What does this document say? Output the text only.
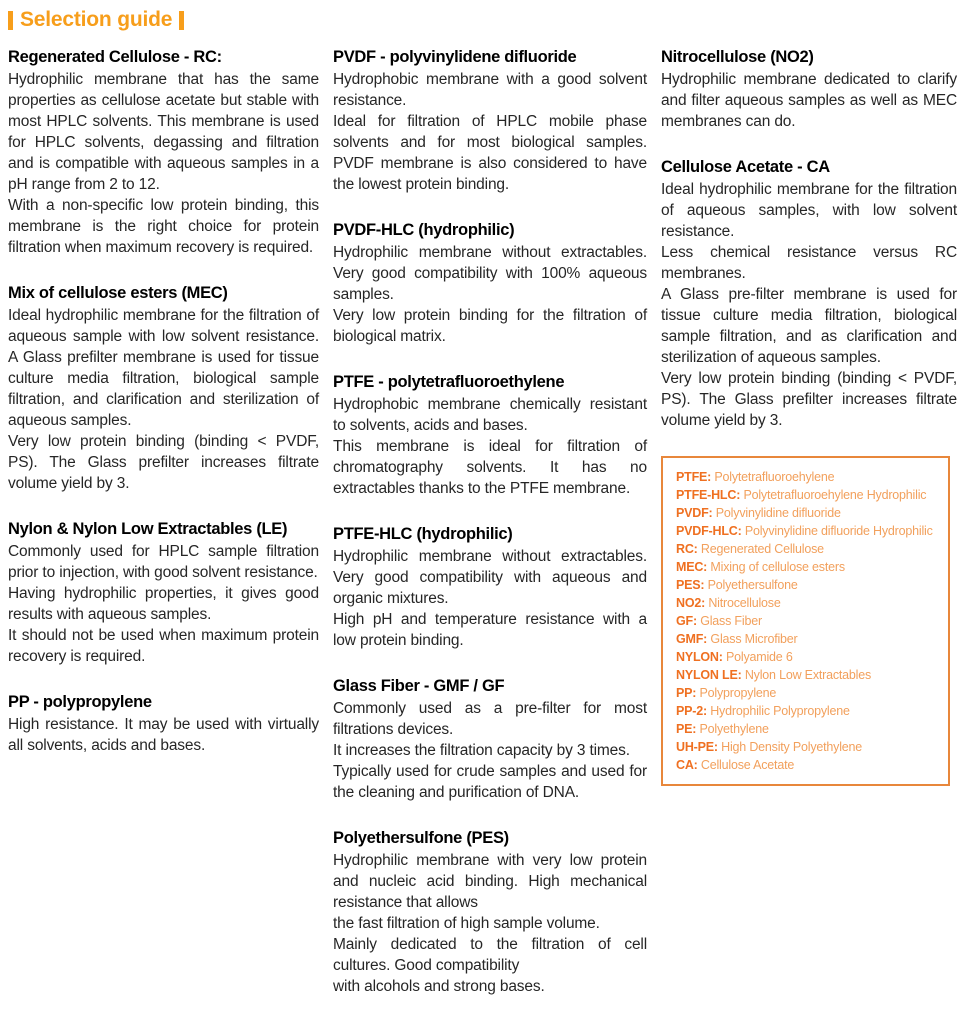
Selection guide
Regenerated Cellulose - RC:

Hydrophilic membrane that has the same properties as cellulose acetate but stable with most HPLC solvents. This membrane is used for HPLC solvents, degassing and filtration and is compatible with aqueous samples in a pH range from 2 to 12.

With a non-specific low protein binding, this membrane is the right choice for protein filtration when maximum recovery is required.

Mix of cellulose esters (MEC)

Ideal hydrophilic membrane for the filtration of aqueous sample with low solvent resistance. A Glass prefilter membrane is used for tissue culture media filtration, biological sample filtration, and clarification and sterilization of aqueous samples.

Very low protein binding (binding < PVDF, PS). The Glass prefilter increases filtrate volume yield by 3.

Nylon & Nylon Low Extractables (LE)

Commonly used for HPLC sample filtration prior to injection, with good solvent resistance.

Having hydrophilic properties, it gives good results with aqueous samples.

It should not be used when maximum protein recovery is required.

PP - polypropylene

High resistance. It may be used with virtually all solvents, acids and bases.

PVDF - polyvinylidene difluoride

Hydrophobic membrane with a good solvent resistance.

Ideal for filtration of HPLC mobile phase solvents and for most biological samples. PVDF membrane is also considered to have the lowest protein binding.

PVDF-HLC (hydrophilic)

Hydrophilic membrane without extractables. Very good compatibility with 100% aqueous samples.

Very low protein binding for the filtration of biological matrix.

PTFE - polytetrafluoroethylene

Hydrophobic membrane chemically resistant to solvents, acids and bases.

This membrane is ideal for filtration of chromatography solvents. It has no extractables thanks to the PTFE membrane.

PTFE-HLC (hydrophilic)

Hydrophilic membrane without extractables. Very good compatibility with aqueous and organic mixtures.

High pH and temperature resistance with a low protein binding.

Glass Fiber - GMF / GF

Commonly used as a pre-filter for most filtrations devices.

It increases the filtration capacity by 3 times.

Typically used for crude samples and used for the cleaning and purification of DNA.

Polyethersulfone (PES)

Hydrophilic membrane with very low protein and nucleic acid binding. High mechanical resistance that allows

the fast filtration of high sample volume.

Mainly dedicated to the filtration of cell cultures. Good compatibility

with alcohols and strong bases.

Nitrocellulose (NO2)

Hydrophilic membrane dedicated to clarify and filter aqueous samples as well as MEC membranes can do.

Cellulose Acetate - CA

Ideal hydrophilic membrane for the filtration of aqueous samples, with low solvent resistance.

Less chemical resistance versus RC membranes.

A Glass pre-filter membrane is used for tissue culture media filtration, biological sample filtration, and as clarification and sterilization of aqueous samples.

Very low protein binding (binding < PVDF, PS). The Glass prefilter increases filtrate volume yield by 3.

PTFE: Polytetrafluoroehylene
PTFE-HLC: Polytetrafluoroehylene Hydrophilic
PVDF: Polyvinylidine difluoride
PVDF-HLC: Polyvinylidine difluoride Hydrophilic
RC: Regenerated Cellulose
MEC: Mixing of cellulose esters
PES: Polyethersulfone
NO2: Nitrocellulose
GF: Glass Fiber
GMF: Glass Microfiber
NYLON: Polyamide 6
NYLON LE: Nylon Low Extractables
PP: Polypropylene
PP-2: Hydrophilic Polypropylene
PE: Polyethylene
UH-PE: High Density Polyethylene
CA: Cellulose Acetate
